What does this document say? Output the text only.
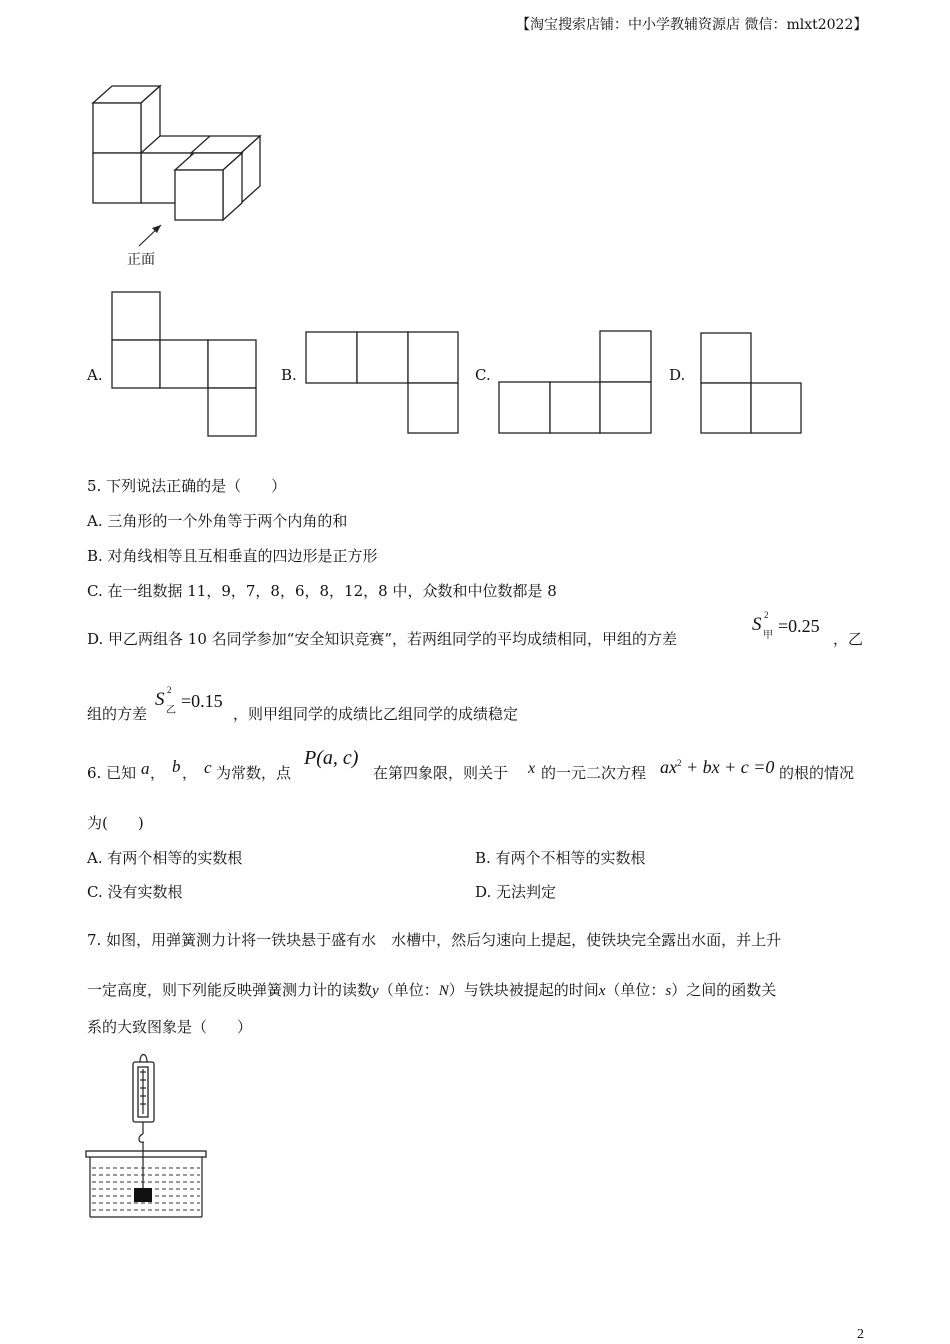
【淘宝搜索店铺：中小学教辅资源店 微信：mlxt2022】
正面
A.	B.	C.	D.
5. 下列说法正确的是（　　）
A. 三角形的一个外角等于两个内角的和
B. 对角线相等且互相垂直的四边形是正方形
C. 在一组数据 11，9，7，8，6，8，12，8 中，众数和中位数都是 8
D. 甲乙两组各 10 名同学参加“安全知识竞赛”，若两组同学的平均成绩相同，甲组的方差
S 2
甲 =0.25
，乙
组的方差
S 2
乙 =0.15
，则甲组同学的成绩比乙组同学的成绩稳定
6. 已知 a ， b ， c 为常数，点
P(a, c)
在第四象限，则关于 x 的一元二次方程 $ax^2$ + bx + c =0 的根的情况
为(　　)
A. 有两个相等的实数根	B. 有两个不相等的实数根
C. 没有实数根	D. 无法判定
7. 如图，用弹簧测力计将一铁块悬于盛有水　水槽中，然后匀速向上提起，使铁块完全露出水面，并上升
一定高度，则下列能反映弹簧测力计的读数y（单位：N）与铁块被提起的时间x（单位：s）之间的函数关
系的大致图象是（　　）
2
